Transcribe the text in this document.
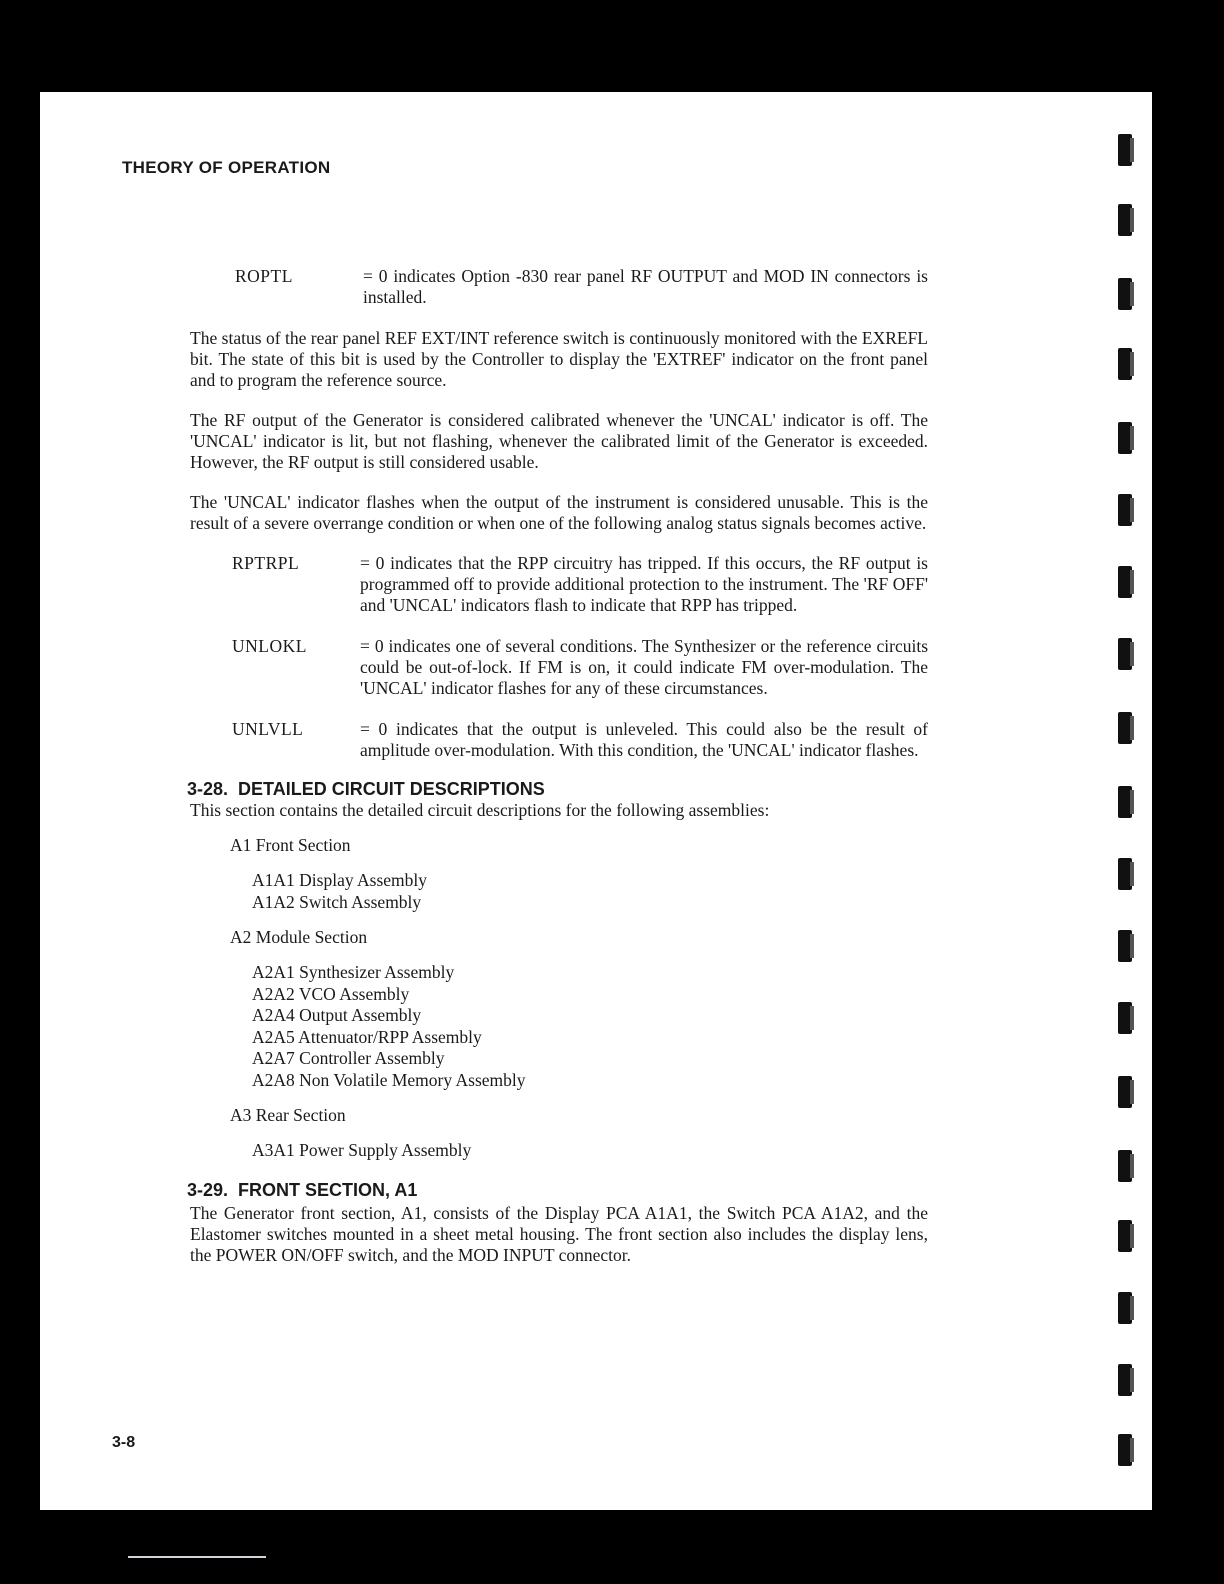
THEORY OF OPERATION
ROPTL	= 0 indicates Option -830 rear panel RF OUTPUT and MOD IN connectors is installed.

The status of the rear panel REF EXT/INT reference switch is continuously monitored with the EXREFL bit. The state of this bit is used by the Controller to display the 'EXTREF' indicator on the front panel and to program the reference source.

The RF output of the Generator is considered calibrated whenever the 'UNCAL' indicator is off. The 'UNCAL' indicator is lit, but not flashing, whenever the calibrated limit of the Generator is exceeded. However, the RF output is still considered usable.

The 'UNCAL' indicator flashes when the output of the instrument is considered unusable. This is the result of a severe overrange condition or when one of the following analog status signals becomes active.

RPTRPL	= 0 indicates that the RPP circuitry has tripped. If this occurs, the RF output is programmed off to provide additional protection to the instrument. The 'RF OFF' and 'UNCAL' indicators flash to indicate that RPP has tripped.
UNLOKL	= 0 indicates one of several conditions. The Synthesizer or the reference circuits could be out-of-lock. If FM is on, it could indicate FM over-modulation. The 'UNCAL' indicator flashes for any of these circumstances.
UNLVLL	= 0 indicates that the output is unleveled. This could also be the result of amplitude over-modulation. With this condition, the 'UNCAL' indicator flashes.
3-28. DETAILED CIRCUIT DESCRIPTIONS
This section contains the detailed circuit descriptions for the following assemblies:
A1 Front Section
A1A1 Display Assembly
A1A2 Switch Assembly
A2 Module Section
A2A1 Synthesizer Assembly
A2A2 VCO Assembly
A2A4 Output Assembly
A2A5 Attenuator/RPP Assembly
A2A7 Controller Assembly
A2A8 Non Volatile Memory Assembly
A3 Rear Section
A3A1 Power Supply Assembly
3-29. FRONT SECTION, A1

The Generator front section, A1, consists of the Display PCA A1A1, the Switch PCA A1A2, and the Elastomer switches mounted in a sheet metal housing. The front section also includes the display lens, the POWER ON/OFF switch, and the MOD INPUT connector.

3-8
